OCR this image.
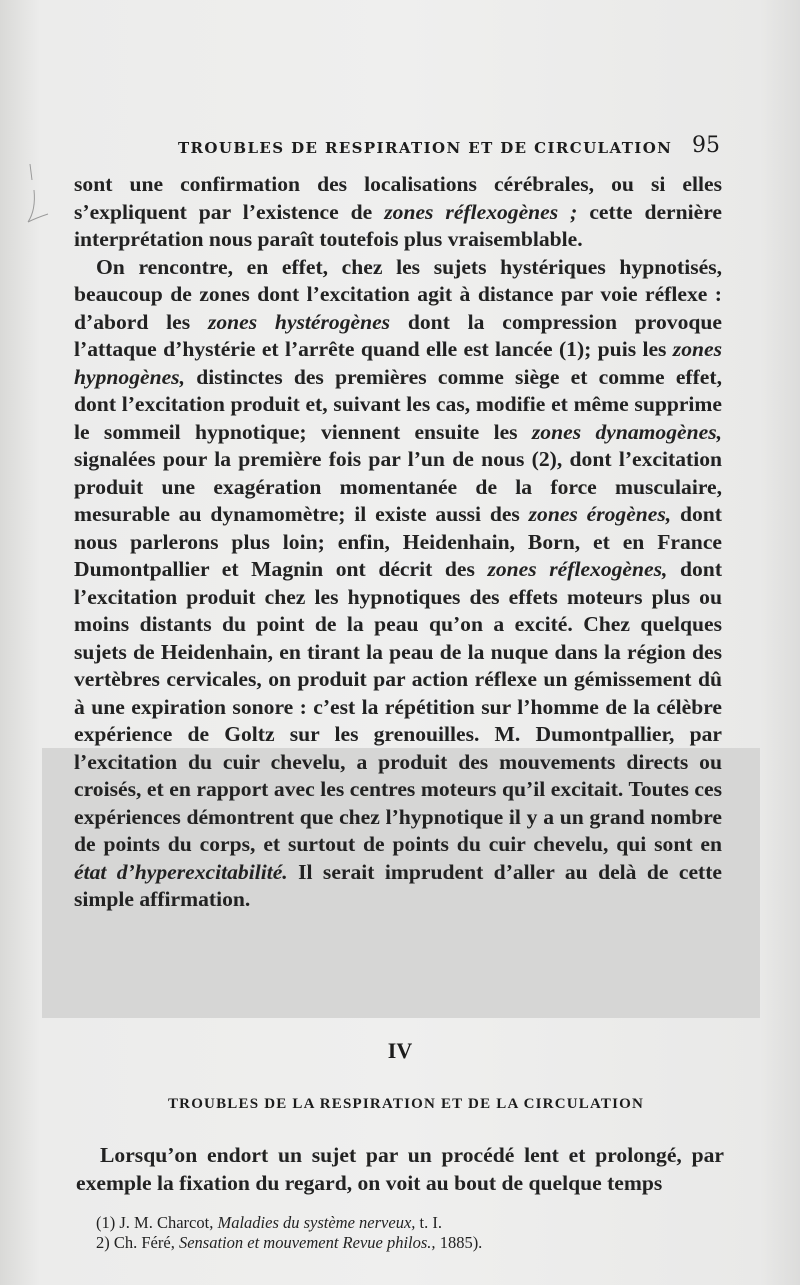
TROUBLES DE RESPIRATION ET DE CIRCULATION 95

sont une confirmation des localisations cérébrales, ou si elles s’expliquent par l’existence de zones réflexogènes ; cette dernière interprétation nous paraît toutefois plus vraisemblable.

On rencontre, en effet, chez les sujets hystériques hypnotisés, beaucoup de zones dont l’excitation agit à distance par voie réflexe : d’abord les zones hystérogènes dont la compression provoque l’attaque d’hystérie et l’arrête quand elle est lancée (1); puis les zones hypnogènes, distinctes des premières comme siège et comme effet, dont l’excitation produit et, suivant les cas, modifie et même supprime le sommeil hypnotique; viennent ensuite les zones dynamogènes, signalées pour la première fois par l’un de nous (2), dont l’excitation produit une exagération momentanée de la force musculaire, mesurable au dynamomètre; il existe aussi des zones érogènes, dont nous parlerons plus loin; enfin, Heidenhain, Born, et en France Dumontpallier et Magnin ont décrit des zones réflexogènes, dont l’excitation produit chez les hypnotiques des effets moteurs plus ou moins distants du point de la peau qu’on a excité. Chez quelques sujets de Heidenhain, en tirant la peau de la nuque dans la région des vertèbres cervicales, on produit par action réflexe un gémissement dû à une expiration sonore : c’est la répétition sur l’homme de la célèbre expérience de Goltz sur les grenouilles. M. Dumontpallier, par l’excitation du cuir chevelu, a produit des mouvements directs ou croisés, et en rapport avec les centres moteurs qu’il excitait. Toutes ces expériences démontrent que chez l’hypnotique il y a un grand nombre de points du corps, et surtout de points du cuir chevelu, qui sont en état d’hyperexcitabilité. Il serait imprudent d’aller au delà de cette simple affirmation.

IV
TROUBLES DE LA RESPIRATION ET DE LA CIRCULATION

Lorsqu’on endort un sujet par un procédé lent et prolongé, par exemple la fixation du regard, on voit au bout de quelque temps

(1) J. M. Charcot, Maladies du système nerveux, t. I.
2) Ch. Féré, Sensation et mouvement Revue philos., 1885).
